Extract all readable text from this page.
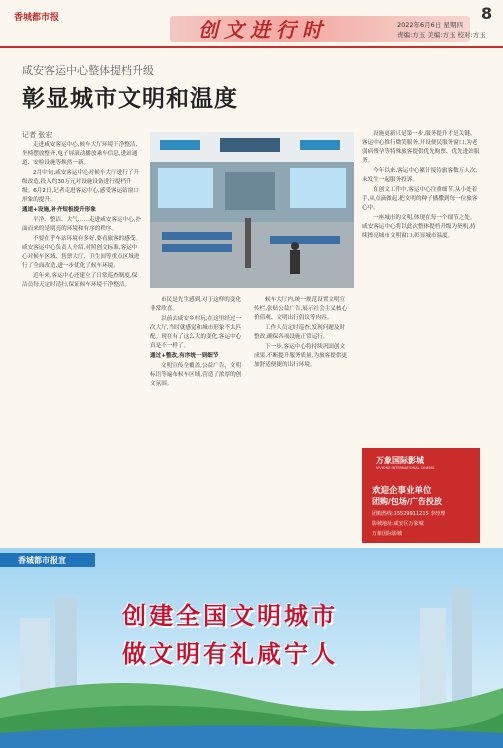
香城都市报	创文进行时
8
2022年6月6日 星期四
责编:方玉 美编:方玉 校对:方玉
咸安客运中心整体提档升级
彰显城市文明和温度
记者 张宏

走进咸安客运中心,候车大厅环境干净整洁,坐椅摆放整齐,电子屏滚动播放乘车信息,进站通道、安检设施等焕然一新。

2月中旬,咸安客运中心对候车大厅进行了升级改造,投入约30万元对设施设备进行提档升级。6月2日,记者走进客运中心,感受客运站窗口形象的提升。

通道+设施,补齐短板提升形象

平净、整洁、大气……走进咸安客运中心,扑面而来的是明亮的环境和有序的秩序。

不要在乎车站环境有多好,要看旅客的感受。咸安客运中心负责人介绍,对照创文标准,客运中心对候车区域、售票大厅、卫生间等重点区域进行了全面改造,进一步优化了候车环境。

近年来,客运中心还建立了日常巡查制度,保洁员每天定时清扫,保证候车环境干净整洁。

市民是先生感到,对于这样的变化非常欣喜。

以前去咸安乡村玩,在这里经过一次大厅,当时就感觉和城市形象不太匹配。现在有了这么大的变化,客运中心真是不一样了。

通过+整改,有序统一到细节

文明宣传全覆盖,公益广告、文明标语等遍布候车区域,营造了浓厚的创文氛围。

候车大厅内,统一规范设置文明宣传栏,张贴公益广告,展示社会主义核心价值观、文明出行倡议等内容。

工作人员定时巡查,发现问题及时整改,确保各项设施正常运行。

下一步,客运中心将持续巩固创文成果,不断提升服务质量,为旅客提供更加舒适便捷的出行环境。

设施更新只是第一步,服务提升才是关键。客运中心推行微笑服务,开设便民服务窗口,为老弱病残孕等特殊旅客提供优先购票、优先进站服务。

今年以来,客运中心累计接待旅客数万人次,未发生一起服务投诉。

在创文工作中,客运中心注重细节,从小处着手,从点滴做起,把文明的种子播撒到每一位旅客心中。

一座城市的文明,体现在每一个细节之处。咸安客运中心将以此次整体提档升级为契机,持续擦亮城市文明窗口,彰显城市温度。

万象国际影城
VIVIONE INTERNATIONAL CINEMA
欢迎企事业单位
团购/包场/广告投放
团购热线:15529911215 李经理
影城地址:咸安区万象城
万象国际影城
香城都市报宣
创建全国文明城市
做文明有礼咸宁人
